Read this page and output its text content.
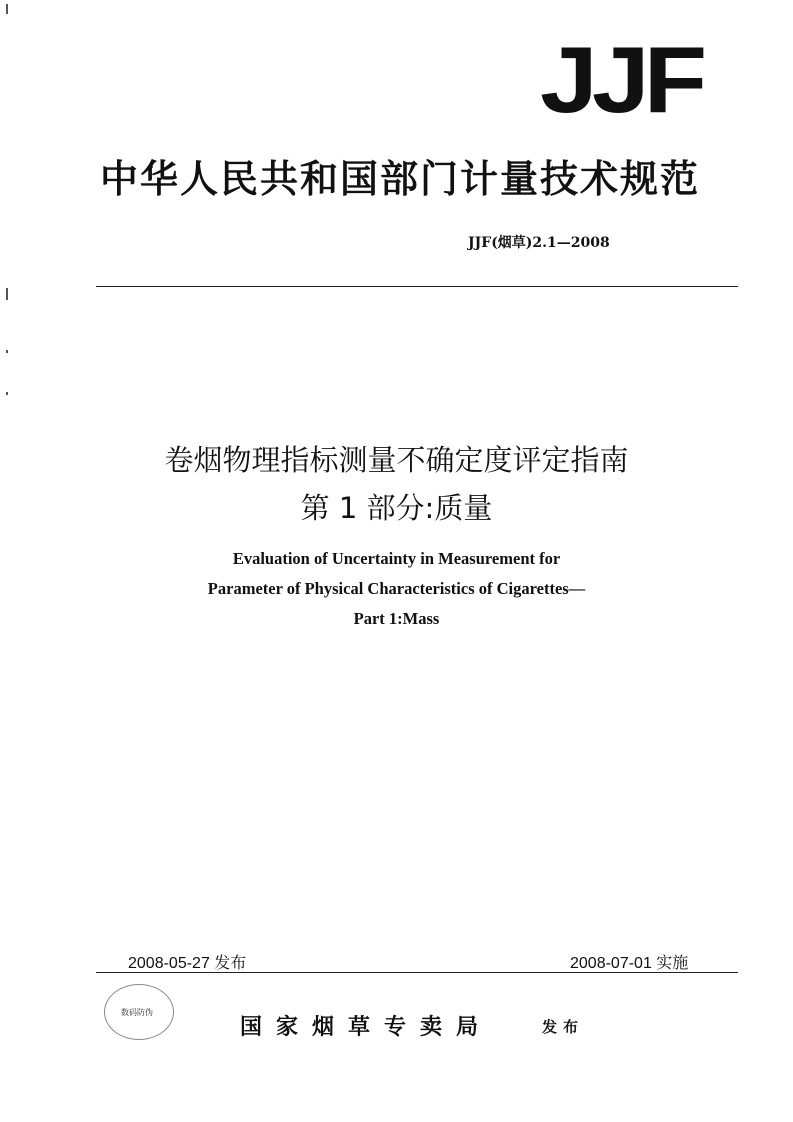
JJF
中华人民共和国部门计量技术规范
JJF(烟草)2.1—2008
卷烟物理指标测量不确定度评定指南
第 1 部分:质量
Evaluation of Uncertainty in Measurement for
Parameter of Physical Characteristics of Cigarettes—
Part 1:Mass
2008-05-27 发布	2008-07-01 实施
数码防伪
国家烟草专卖局	发布
